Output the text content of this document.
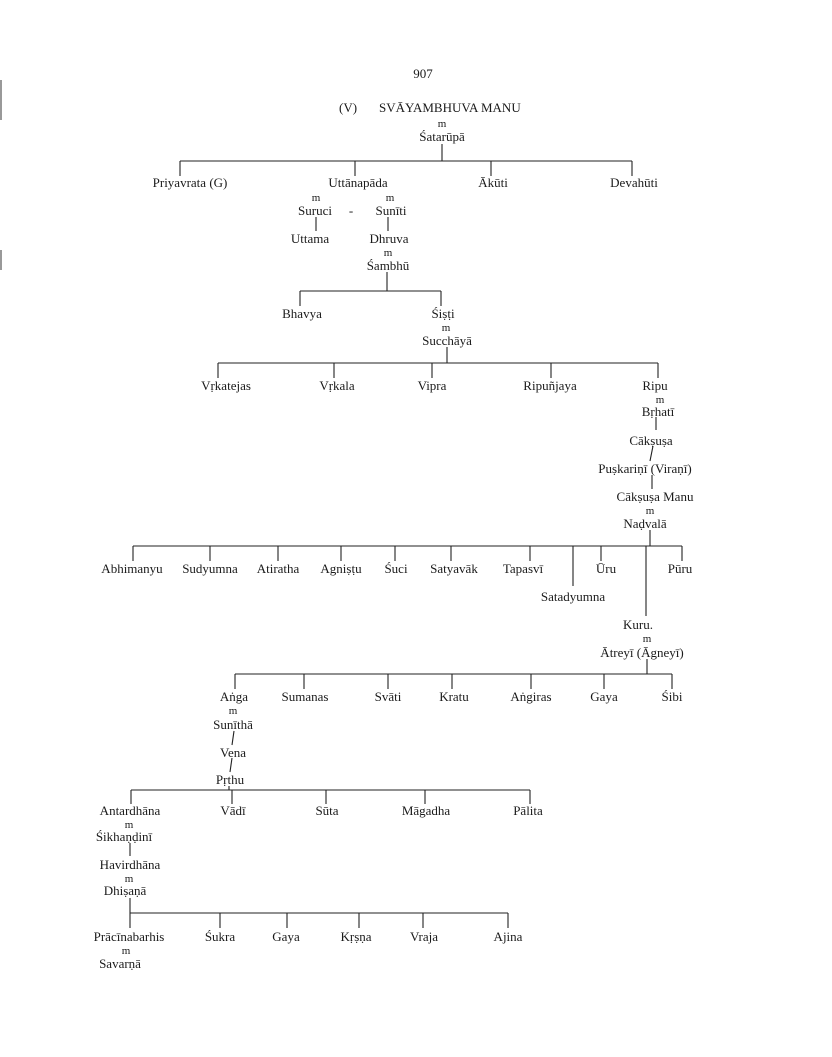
907
(V) SVĀYAMBHUVA MANU
m
Śatarūpā
Priyavrata (G)	Uttānapāda	Ākūti	Devahūti
m	m
Suruci - Sunīti
Uttama	Dhruva
m
Śambhū
Bhavya	Śiṣṭi
m
Succhāyā
Vṛkatejas	Vṛkala	Vipra	Ripuñjaya	Ripu
m
Bṛhatī
Cākṣuṣa
Puṣkariṇī (Viraṇī)
Cākṣuṣa Manu
m
Naḍvalā
Abhimanyu Sudyumna Atiratha Agniṣṭu Śuci Satyavāk Tapasvī	Ūru	Pūru
Satadyumna
Kuru.
m
Ātreyī (Āgneyī)
Aṅga	Sumanas	Svāti	Kratu	Aṅgiras	Gaya	Śibi
m
Sunīthā
Vena
Pṛthu
Antardhāna	Vādī	Sūta	Māgadha	Pālita
m
Śikhaṇḍinī
Havirdhāna
m
Dhiṣaṇā
Prācīnabarhis	Śukra	Gaya	Kṛṣṇa	Vraja	Ajina
m
Savarṇā
